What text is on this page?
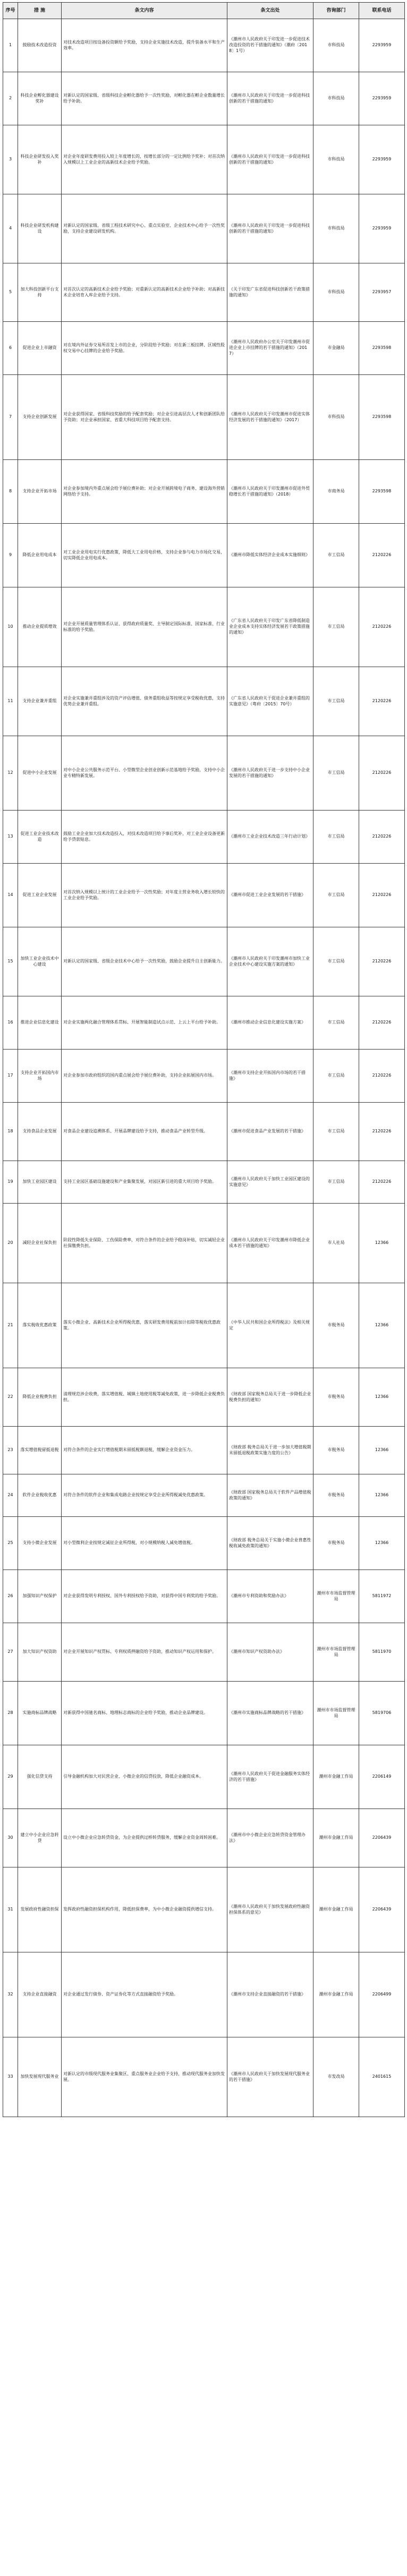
序号	措 施	条文内容	条文出处	咨询部门	联系电话
1	鼓励技术改造投资	对技术改造项目按设备投资额给予奖励，支持企业实施技术改造，提升装备水平和生产效率。	《潮州市人民政府关于印发进一步促进技术改造投资的若干措施的通知》（潮府〔2018〕1号）	市科技局	2293959
2	科技企业孵化器建设奖补	对新认定的国家级、省级科技企业孵化器给予一次性奖励，对孵化器在孵企业数量增长给予补助。	《潮州市人民政府关于印发进一步促进科技创新的若干措施的通知》	市科技局	2293959
3	科技企业研发投入奖补	对企业年度研发费用投入较上年度增长的，按增长部分的一定比例给予奖补；对首次纳入规模以上工业企业的高新技术企业给予奖励。	《潮州市人民政府关于印发进一步促进科技创新的若干措施的通知》	市科技局	2293959
4	科技企业研发机构建设	对新认定的国家级、省级工程技术研究中心、重点实验室、企业技术中心给予一次性奖励，支持企业建设研发机构。	《潮州市人民政府关于印发进一步促进科技创新的若干措施的通知》	市科技局	2293959
5	加大科技创新平台支持	对首次认定的高新技术企业给予奖励；对重新认定的高新技术企业给予补助；对高新技术企业培育入库企业给予支持。	《关于印发广东省促进科技创新若干政策措施的通知》	市科技局	2293957
6	促进企业上市融资	对在境内外证券交易所首发上市的企业，分阶段给予奖励；对在新三板挂牌、区域性股权交易中心挂牌的企业给予奖励。	《潮州市人民政府办公室关于印发潮州市促进企业上市挂牌的若干措施的通知》（2017）	市金融局	2293598
7	支持企业创新发展	对企业获得国家、省级科技奖励的给予配套奖励；对企业引进高层次人才和创新团队给予资助；对企业承担国家、省重大科技项目给予配套支持。	《潮州市人民政府关于印发潮州市促进实体经济发展的若干措施的通知》（2017）	市科技局	2293598
8	支持企业开拓市场	对企业参加境内外重点展会给予展位费补助；对企业开展跨境电子商务、建设海外营销网络给予支持。	《潮州市人民政府关于印发潮州市促进外贸稳增长若干措施的通知》（2018）	市商务局	2293598
9	降低企业用电成本	对工业企业用电实行优惠政策，降低大工业用电价格，支持企业参与电力市场化交易，切实降低企业用电成本。	《潮州市降低实体经济企业成本实施细则》	市工信局	2120226
10	推动企业提质增效	对企业开展质量管理体系认证、获得政府质量奖、主导制定国际标准、国家标准、行业标准的给予奖励。	《广东省人民政府关于印发广东省降低制造业企业成本支持实体经济发展若干政策措施的通知》	市工信局	2120226
11	支持企业兼并重组	对企业实施兼并重组涉及的资产评估增值、债务重组收益等按规定享受税收优惠，支持优势企业兼并重组。	《广东省人民政府关于促进企业兼并重组的实施意见》（粤府〔2015〕70号）	市工信局	2120226
12	促进中小企业发展	对中小企业公共服务示范平台、小型微型企业创业创新示范基地给予奖励，支持中小企业专精特新发展。	《潮州市人民政府关于进一步支持中小企业发展的若干措施的通知》	市工信局	2120226
13	促进工业企业技术改造	鼓励工业企业加大技术改造投入，对技术改造项目给予事后奖补，对工业企业设备更新给予贷款贴息。	《潮州市工业企业技术改造三年行动计划》	市工信局	2120226
14	促进工业企业发展	对首次纳入规模以上统计的工业企业给予一次性奖励；对年度主营业务收入增长较快的工业企业给予奖励。	《潮州市促进工业企业发展的若干措施》	市工信局	2120226
15	加快工业企业技术中心建设	对新认定的国家级、省级企业技术中心给予一次性奖励，鼓励企业提升自主创新能力。	《潮州市人民政府关于印发潮州市加快工业企业技术中心建设实施方案的通知》	市工信局	2120226
16	推进企业信息化建设	对企业实施两化融合管理体系贯标、开展智能制造试点示范、上云上平台给予补助。	《潮州市推动企业信息化建设实施方案》	市工信局	2120226
17	支持企业开拓国内市场	对企业参加市政府组织的国内重点展会给予展位费补助，支持企业拓展国内市场。	《潮州市支持企业开拓国内市场的若干措施》	市工信局	2120226
18	支持食品企业发展	对食品企业建设追溯体系、开展品牌建设给予支持，推动食品产业转型升级。	《潮州市促进食品产业发展的若干措施》	市工信局	2120226
19	加快工业园区建设	支持工业园区基础设施建设和产业集聚发展，对园区新引进的重大项目给予奖励。	《潮州市人民政府关于加快工业园区建设的实施意见》	市工信局	2120226
20	减轻企业社保负担	阶段性降低失业保险、工伤保险费率，对符合条件的企业给予稳岗补贴，切实减轻企业社保缴费负担。	《潮州市人民政府关于印发潮州市降低企业成本若干措施的通知》	市人社局	12366
21	落实税收优惠政策	落实小微企业、高新技术企业所得税优惠，落实研发费用税前加计扣除等税收优惠政策。	《中华人民共和国企业所得税法》及相关规定	市税务局	12366
22	降低企业税费负担	清理规范涉企收费，落实增值税、城镇土地使用税等减免政策，进一步降低企业税费负担。	《财政部 国家税务总局关于进一步降低企业税费负担的通知》	市税务局	12366
23	落实增值税留抵退税	对符合条件的企业实行增值税期末留抵税额退税，缓解企业资金压力。	《财政部 税务总局关于进一步加大增值税期末留抵退税政策实施力度的公告》	市税务局	12366
24	软件企业税收优惠	对符合条件的软件企业和集成电路企业按规定享受企业所得税减免优惠政策。	《财政部 国家税务总局关于软件产品增值税政策的通知》	市税务局	12366
25	支持小微企业发展	对小型微利企业按规定减征企业所得税，对小规模纳税人减免增值税。	《财政部 税务总局关于实施小微企业普惠性税收减免政策的通知》	市税务局	12366
26	加强知识产权保护	对企业获得发明专利授权、国外专利授权给予资助，对获得中国专利奖的给予奖励。	《潮州市专利资助和奖励办法》	潮州市市场监督管理局	5811972
27	加大知识产权资助	对企业开展知识产权贯标、专利权质押融资给予资助，推动知识产权运用和保护。	《潮州市知识产权资助办法》	潮州市市场监督管理局	5811970
28	实施商标品牌战略	对新获得中国驰名商标、地理标志商标的企业给予奖励，推动企业品牌建设。	《潮州市实施商标品牌战略的若干措施》	潮州市市场监督管理局	5819706
29	强化信贷支持	引导金融机构加大对民营企业、小微企业的信贷投放，降低企业融资成本。	《潮州市人民政府关于促进金融服务实体经济的若干措施》	潮州市金融工作局	2206149
30	建立中小企业应急转贷	设立中小微企业应急转贷资金，为企业提供过桥转贷服务，缓解企业资金周转困难。	《潮州市中小微企业应急转贷资金管理办法》	潮州市金融工作局	2206439
31	发展政府性融资担保	发挥政府性融资担保机构作用，降低担保费率，为中小微企业融资提供增信支持。	《潮州市人民政府关于加快发展政府性融资担保体系的意见》	潮州市金融工作局	2206439
32	支持企业直接融资	对企业通过发行债券、资产证券化等方式直接融资给予奖励。	《潮州市支持企业直接融资的若干措施》	潮州市金融工作局	2206499
33	加快发展现代服务业	对新认定的市级现代服务业集聚区、重点服务业企业给予支持，推动现代服务业加快发展。	《潮州市人民政府关于加快发展现代服务业的若干措施》	市发改局	2401615
